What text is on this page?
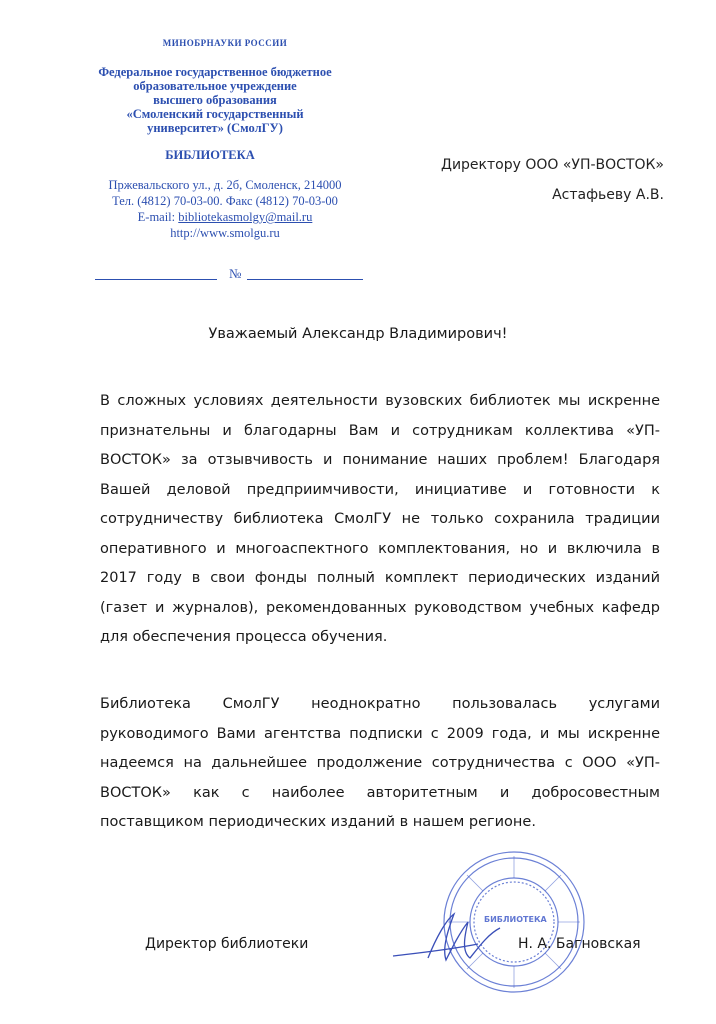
МИНОБРНАУКИ РОССИИ
Федеральное государственное бюджетное
образовательное учреждение
высшего образования
«Смоленский государственный
университет» (СмолГУ)
БИБЛИОТЕКА
Пржевальского ул., д. 2б, Смоленск, 214000
Тел. (4812) 70-03-00. Факс (4812) 70-03-00
E-mail: bibliotekasmolgy@mail.ru
http://www.smolgu.ru
№
Директору ООО «УП-ВОСТОК»
Астафьеву А.В.
Уважаемый Александр Владимирович!
В сложных условиях деятельности вузовских библиотек мы искренне признательны и благодарны Вам и сотрудникам коллектива «УП-ВОСТОК» за отзывчивость и понимание наших проблем! Благодаря Вашей деловой предприимчивости, инициативе и готовности к сотрудничеству библиотека СмолГУ не только сохранила традиции оперативного и многоаспектного комплектования, но и включила в 2017 году в свои фонды полный комплект периодических изданий (газет и журналов), рекомендованных руководством учебных кафедр для обеспечения процесса обучения.
Библиотека СмолГУ неоднократно пользовалась услугами руководимого Вами агентства подписки с 2009 года, и мы искренне надеемся на дальнейшее продолжение сотрудничества с ООО «УП-ВОСТОК» как с наиболее авторитетным и добросовестным поставщиком периодических изданий в нашем регионе.
БИБЛИОТЕКА
Директор библиотеки	Н. А. Багновская
